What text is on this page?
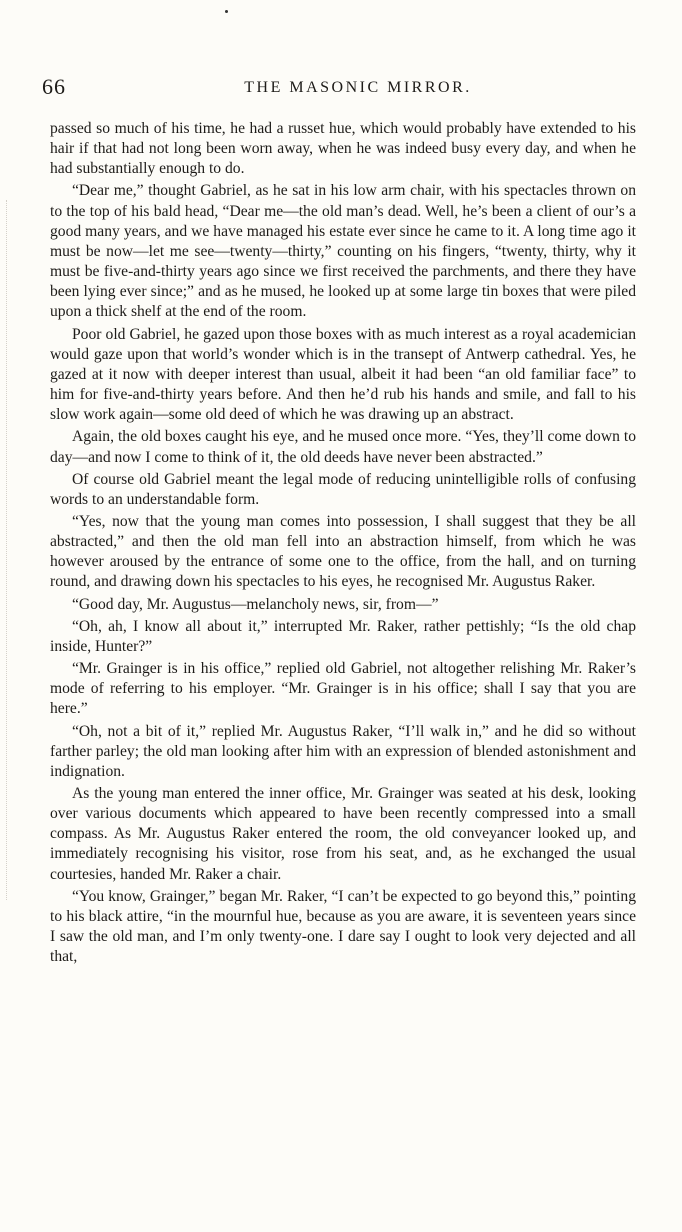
66	THE MASONIC MIRROR.

passed so much of his time, he had a russet hue, which would probably have extended to his hair if that had not long been worn away, when he was indeed busy every day, and when he had substantially enough to do.

“Dear me,” thought Gabriel, as he sat in his low arm chair, with his spectacles thrown on to the top of his bald head, “Dear me—the old man’s dead. Well, he’s been a client of our’s a good many years, and we have managed his estate ever since he came to it. A long time ago it must be now—let me see—twenty—thirty,” counting on his fingers, “twenty, thirty, why it must be five-and-thirty years ago since we first received the parchments, and there they have been lying ever since;” and as he mused, he looked up at some large tin boxes that were piled upon a thick shelf at the end of the room.

Poor old Gabriel, he gazed upon those boxes with as much interest as a royal academician would gaze upon that world’s wonder which is in the transept of Antwerp cathedral. Yes, he gazed at it now with deeper interest than usual, albeit it had been “an old familiar face” to him for five-and-thirty years before. And then he’d rub his hands and smile, and fall to his slow work again—some old deed of which he was drawing up an abstract.

Again, the old boxes caught his eye, and he mused once more. “Yes, they’ll come down to day—and now I come to think of it, the old deeds have never been abstracted.”

Of course old Gabriel meant the legal mode of reducing unintelligible rolls of confusing words to an understandable form.

“Yes, now that the young man comes into possession, I shall suggest that they be all abstracted,” and then the old man fell into an abstraction himself, from which he was however aroused by the entrance of some one to the office, from the hall, and on turning round, and drawing down his spectacles to his eyes, he recognised Mr. Augustus Raker.

“Good day, Mr. Augustus—melancholy news, sir, from—”

“Oh, ah, I know all about it,” interrupted Mr. Raker, rather pettishly; “Is the old chap inside, Hunter?”

“Mr. Grainger is in his office,” replied old Gabriel, not altogether relishing Mr. Raker’s mode of referring to his employer. “Mr. Grainger is in his office; shall I say that you are here.”

“Oh, not a bit of it,” replied Mr. Augustus Raker, “I’ll walk in,” and he did so without farther parley; the old man looking after him with an expression of blended astonishment and indignation.

As the young man entered the inner office, Mr. Grainger was seated at his desk, looking over various documents which appeared to have been recently compressed into a small compass. As Mr. Augustus Raker entered the room, the old conveyancer looked up, and immediately recognising his visitor, rose from his seat, and, as he exchanged the usual courtesies, handed Mr. Raker a chair.

“You know, Grainger,” began Mr. Raker, “I can’t be expected to go beyond this,” pointing to his black attire, “in the mournful hue, because as you are aware, it is seventeen years since I saw the old man, and I’m only twenty-one. I dare say I ought to look very dejected and all that,
